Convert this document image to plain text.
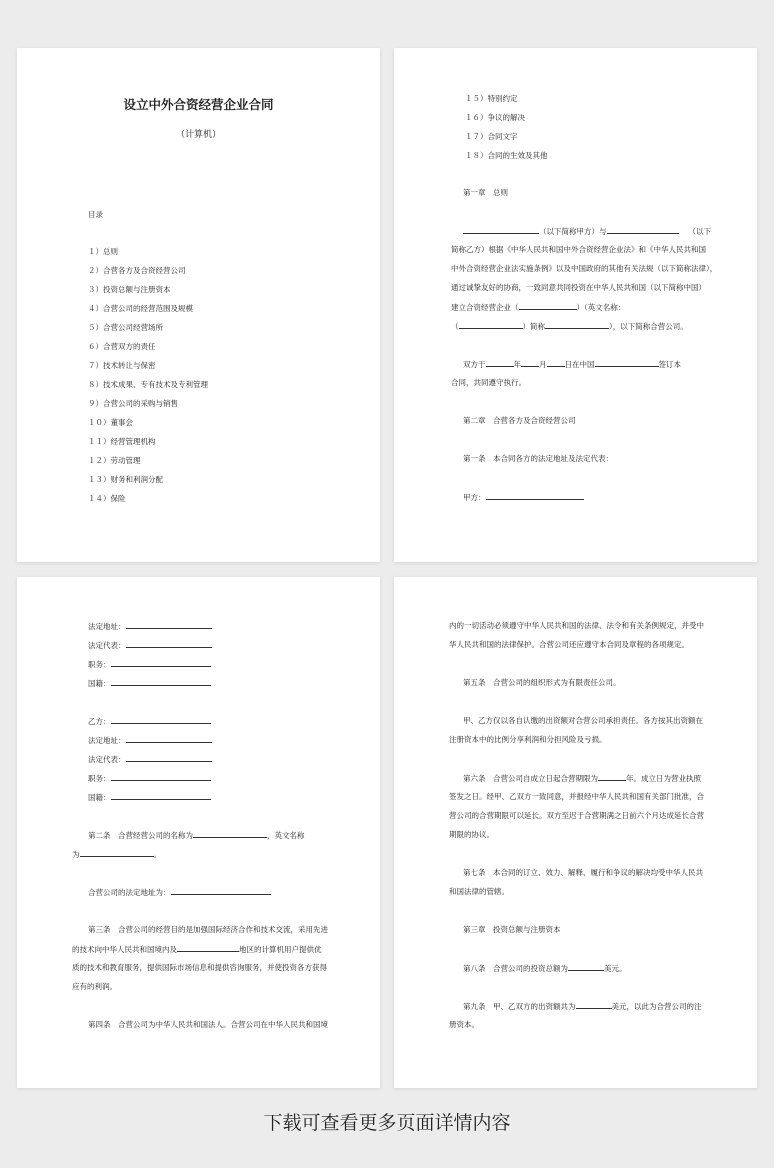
设立中外合资经营企业合同
（计算机）
目录
１）总则
２）合营各方及合资经营公司
３）投资总额与注册资本
４）合营公司的经营范围及规模
５）合营公司经营场所
６）合营双方的责任
７）技术转让与保密
８）技术成果、专有技术及专利管理
９）合营公司的采购与销售
１０）董事会
１１）经营管理机构
１２）劳动管理
１３）财务和利润分配
１４）保险
１５）特别约定
１６）争议的解决
１７）合同文字
１８）合同的生效及其他
第一章　总则
（以下简称甲方）与	（以下
简称乙方）根据《中华人民共和国中外合资经营企业法》和《中华人民共和国
中外合资经营企业法实施条例》以及中国政府的其他有关法规（以下简称法律），
通过诚挚友好的协商，一致同意共同投资在中华人民共和国（以下简称中国）
建立合资经营企业（	）（英文名称：
（	）简称	），以下简称合营公司。
双方于	年 月 日在中国	签订本
合同，共同遵守执行。
第二章　合营各方及合资经营公司
第一条　本合同各方的法定地址及法定代表：
甲方：
法定地址：
法定代表：
职务：
国籍：
乙方：
法定地址：
法定代表：
职务：
国籍：
第二条　合营经营公司的名称为	，英文名称
为	。
合营公司的法定地址为：
第三条　合营公司的经营目的是加强国际经济合作和技术交流，采用先进
的技术向中华人民共和国境内及	地区的计算机用户提供优
质的技术和教育服务，提供国际市场信息和提供咨询服务，并使投资各方获得
应有的利润。
第四条　合营公司为中华人民共和国法人。合营公司在中华人民共和国境
内的一切活动必须遵守中华人民共和国的法律、法令和有关条例规定，并受中
华人民共和国的法律保护。合营公司还应遵守本合同及章程的各项规定。
第五条　合营公司的组织形式为有限责任公司。
甲、乙方仅以各自认缴的出资额对合营公司承担责任。各方按其出资额在
注册资本中的比例分享利润和分担风险及亏损。
第六条　合营公司自成立日起合营期限为	年。成立日为营业执照
签发之日。经甲、乙双方一致同意，并报经中华人民共和国有关部门批准，合
营公司的合营期限可以延长。双方至迟于合营期满之日前六个月达成延长合营
期限的协议。
第七条　本合同的订立、效力、解释、履行和争议的解决均受中华人民共
和国法律的管辖。
第三章　投资总额与注册资本
第八条　合营公司的投资总额为	美元。
第九条　甲、乙双方的出资额共为	美元，以此为合营公司的注
册资本。
下载可查看更多页面详情内容
